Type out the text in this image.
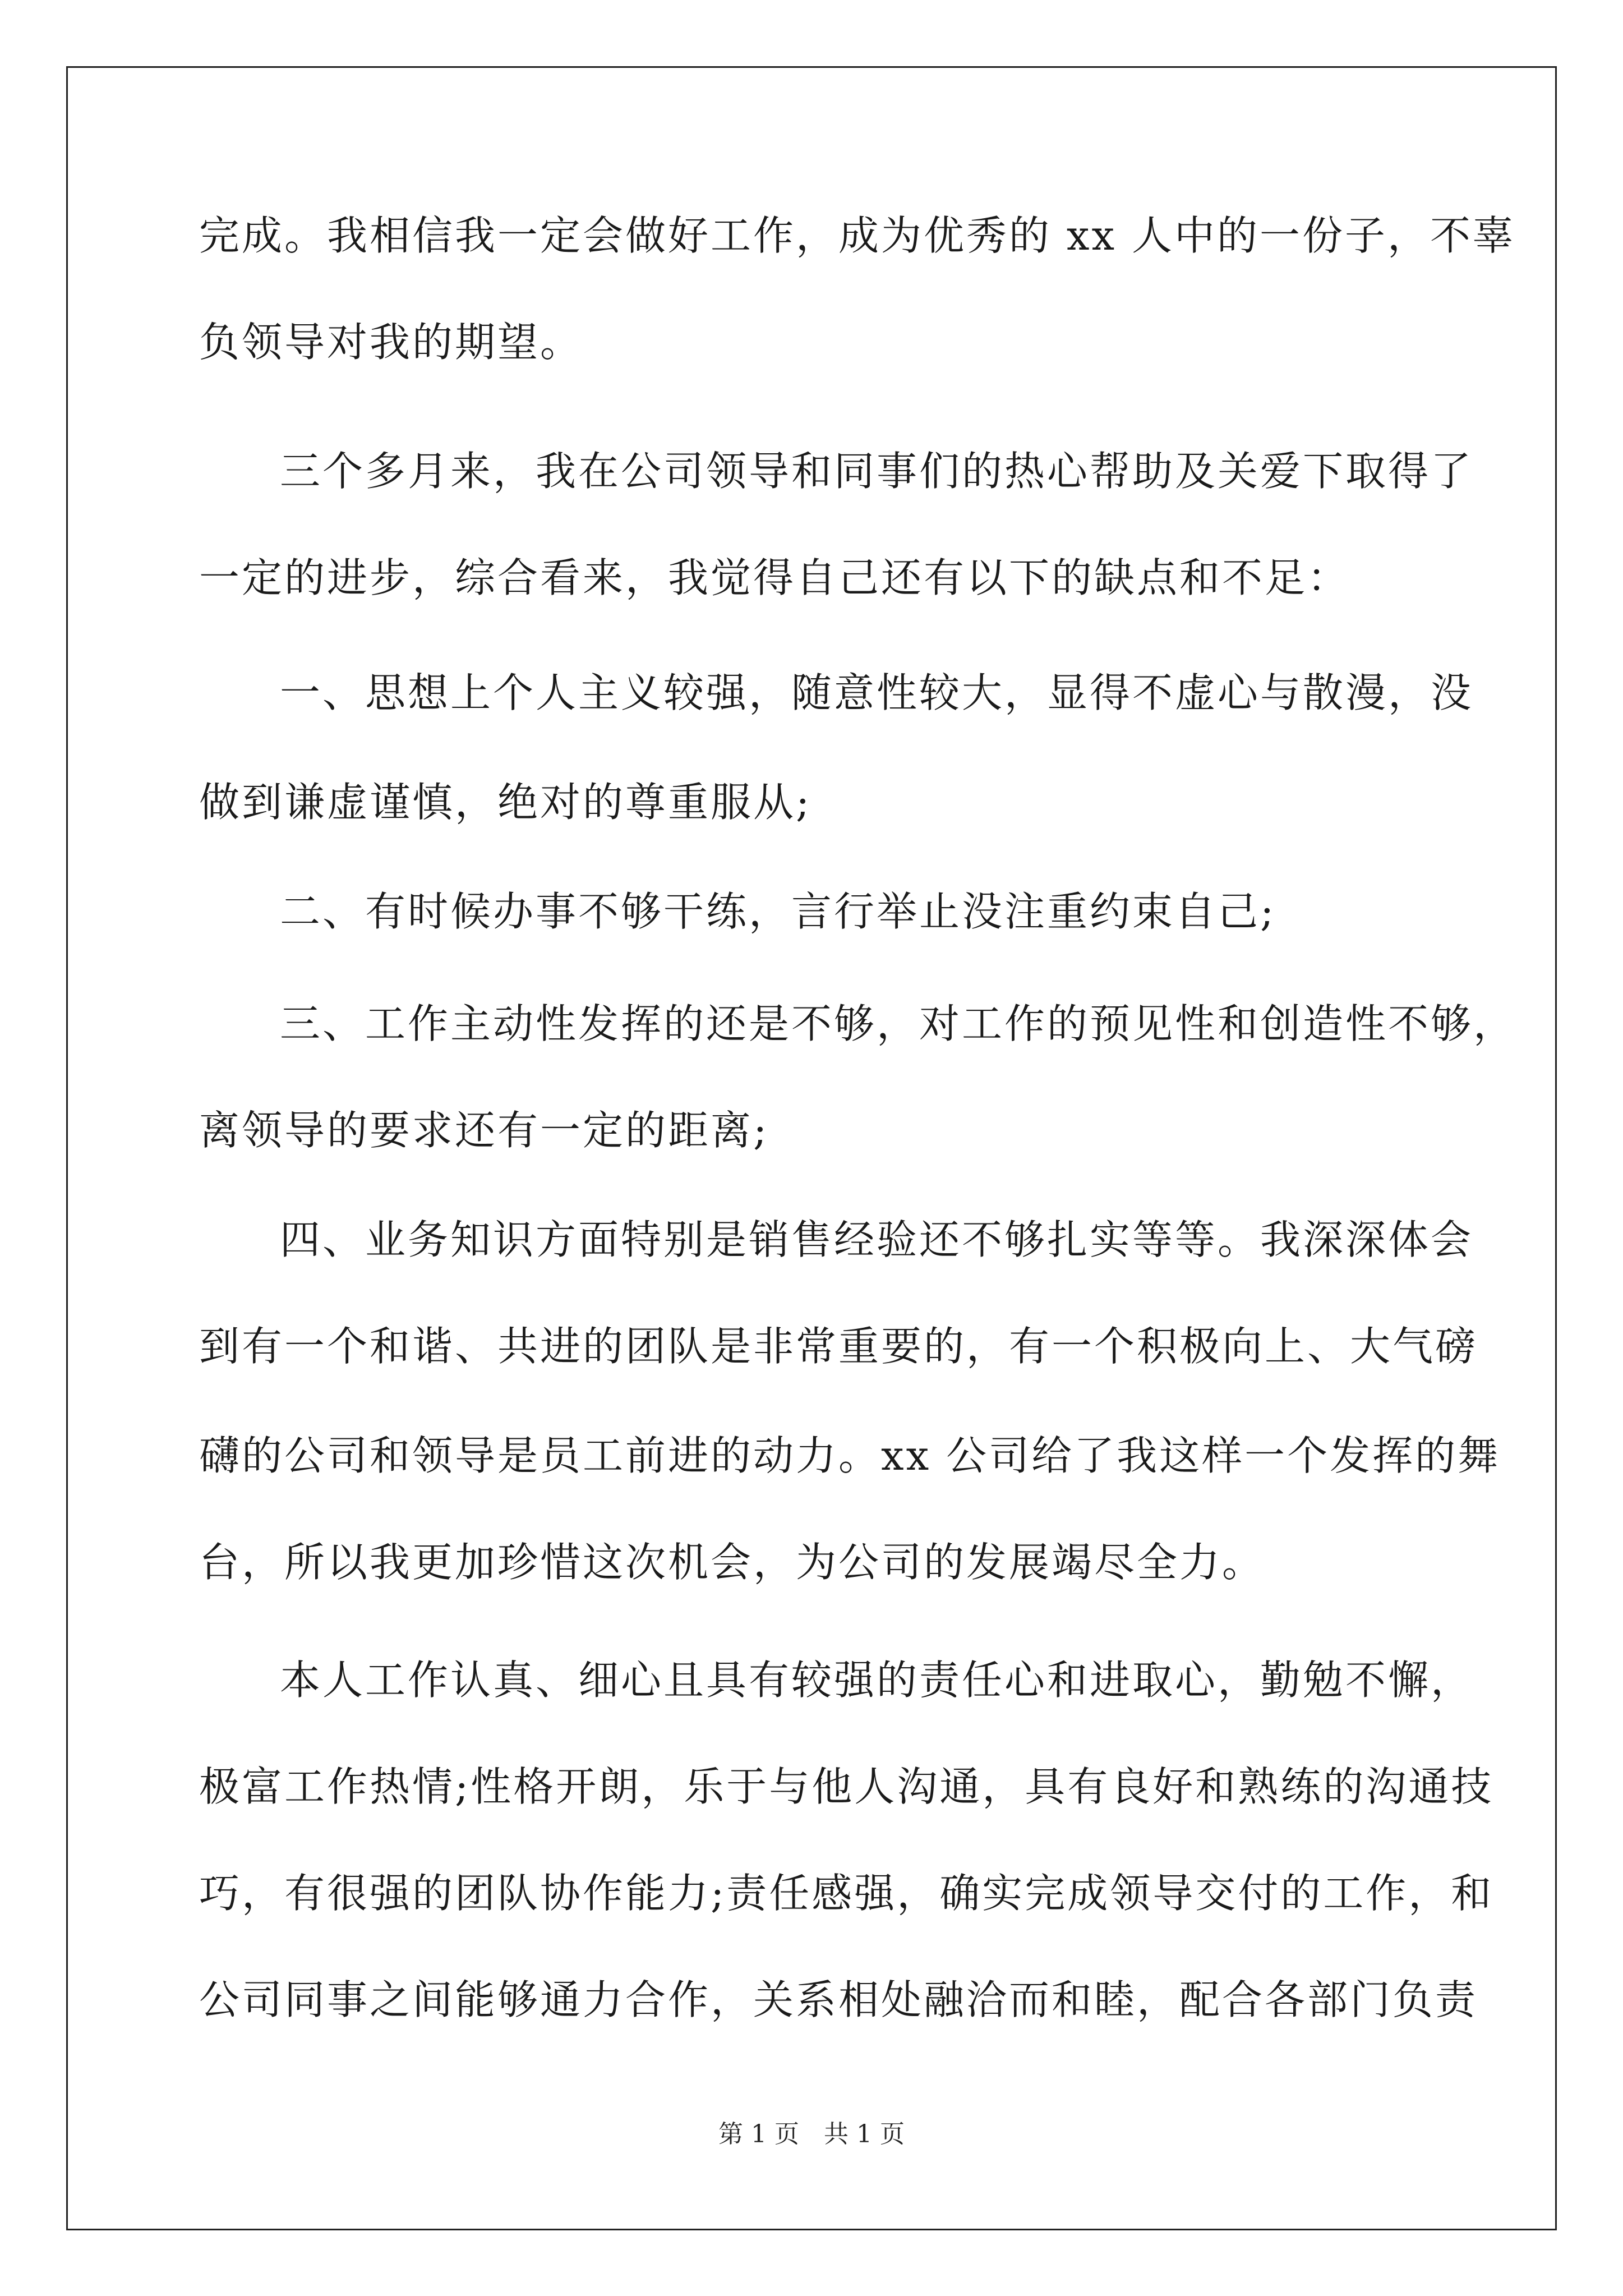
完成。我相信我一定会做好工作，成为优秀的 xx 人中的一份子，不辜
负领导对我的期望。
三个多月来，我在公司领导和同事们的热心帮助及关爱下取得了
一定的进步，综合看来，我觉得自己还有以下的缺点和不足：
一、思想上个人主义较强，随意性较大，显得不虚心与散漫，没
做到谦虚谨慎，绝对的尊重服从;
二、有时候办事不够干练，言行举止没注重约束自己;
三、工作主动性发挥的还是不够，对工作的预见性和创造性不够，
离领导的要求还有一定的距离;
四、业务知识方面特别是销售经验还不够扎实等等。我深深体会
到有一个和谐、共进的团队是非常重要的，有一个积极向上、大气磅
礴的公司和领导是员工前进的动力。xx 公司给了我这样一个发挥的舞
台，所以我更加珍惜这次机会，为公司的发展竭尽全力。
本人工作认真、细心且具有较强的责任心和进取心，勤勉不懈，
极富工作热情;性格开朗，乐于与他人沟通，具有良好和熟练的沟通技
巧，有很强的团队协作能力;责任感强，确实完成领导交付的工作，和
公司同事之间能够通力合作，关系相处融洽而和睦，配合各部门负责
第 1 页　共 1 页
